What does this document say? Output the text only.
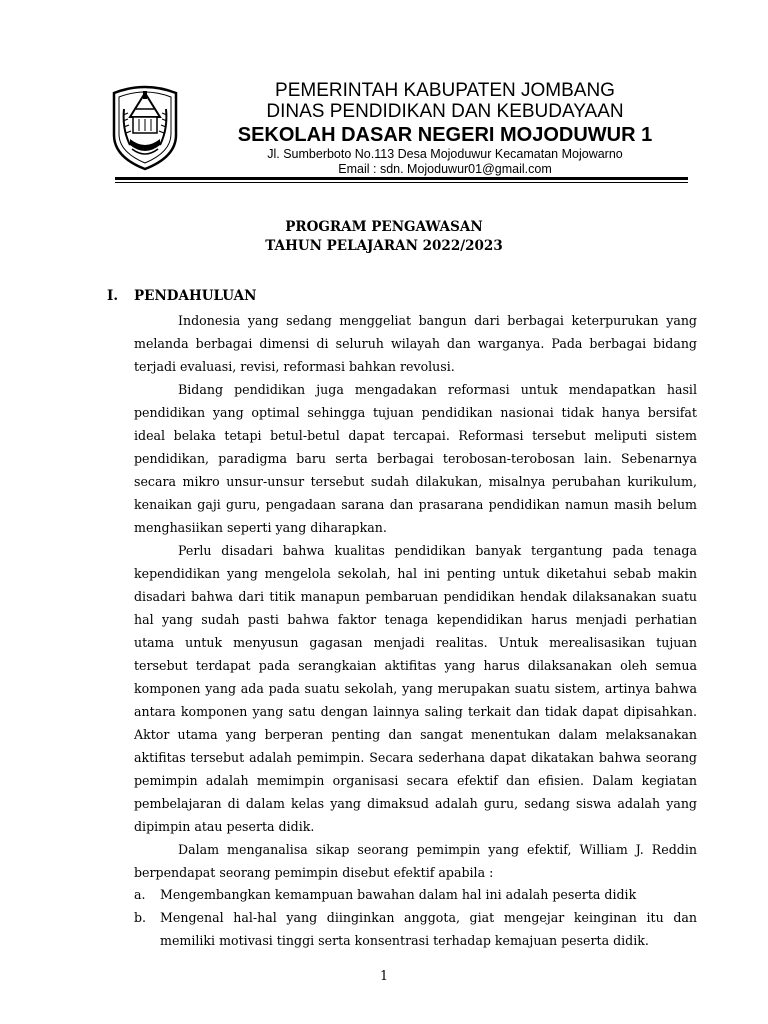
PEMERINTAH KABUPATEN JOMBANG
DINAS PENDIDIKAN DAN KEBUDAYAAN
SEKOLAH DASAR NEGERI MOJODUWUR 1
Jl. Sumberboto No.113 Desa Mojoduwur Kecamatan Mojowarno
Email : sdn. Mojoduwur01@gmail.com
PROGRAM PENGAWASAN
TAHUN PELAJARAN 2022/2023
I. PENDAHULUAN

Indonesia yang sedang menggeliat bangun dari berbagai keterpurukan yang melanda berbagai dimensi di seluruh wilayah dan warganya. Pada berbagai bidang terjadi evaluasi, revisi, reformasi bahkan revolusi.

Bidang pendidikan juga mengadakan reformasi untuk mendapatkan hasil pendidikan yang optimal sehingga tujuan pendidikan nasionai tidak hanya bersifat ideal belaka tetapi betul-betul dapat tercapai. Reformasi tersebut meliputi sistem pendidikan, paradigma baru serta berbagai terobosan-terobosan lain. Sebenarnya secara mikro unsur-unsur tersebut sudah dilakukan, misalnya perubahan kurikulum, kenaikan gaji guru, pengadaan sarana dan prasarana pendidikan namun masih belum menghasiikan seperti yang diharapkan.

Perlu disadari bahwa kualitas pendidikan banyak tergantung pada tenaga kependidikan yang mengelola sekolah, hal ini penting untuk diketahui sebab makin disadari bahwa dari titik manapun pembaruan pendidikan hendak dilaksanakan suatu hal yang sudah pasti bahwa faktor tenaga kependidikan harus menjadi perhatian utama untuk menyusun gagasan menjadi realitas. Untuk merealisasikan tujuan tersebut terdapat pada serangkaian aktifitas yang harus dilaksanakan oleh semua komponen yang ada pada suatu sekolah, yang merupakan suatu sistem, artinya bahwa antara komponen yang satu dengan lainnya saling terkait dan tidak dapat dipisahkan. Aktor utama yang berperan penting dan sangat menentukan dalam melaksanakan aktifitas tersebut adalah pemimpin. Secara sederhana dapat dikatakan bahwa seorang pemimpin adalah memimpin organisasi secara efektif dan efisien. Dalam kegiatan pembelajaran di dalam kelas yang dimaksud adalah guru, sedang siswa adalah yang dipimpin atau peserta didik.

Dalam menganalisa sikap seorang pemimpin yang efektif, William J. Reddin berpendapat seorang pemimpin disebut efektif apabila :

a. Mengembangkan kemampuan bawahan dalam hal ini adalah peserta didik
b. Mengenal hal-hal yang diinginkan anggota, giat mengejar keinginan itu dan memiliki motivasi tinggi serta konsentrasi terhadap kemajuan peserta didik.
1
